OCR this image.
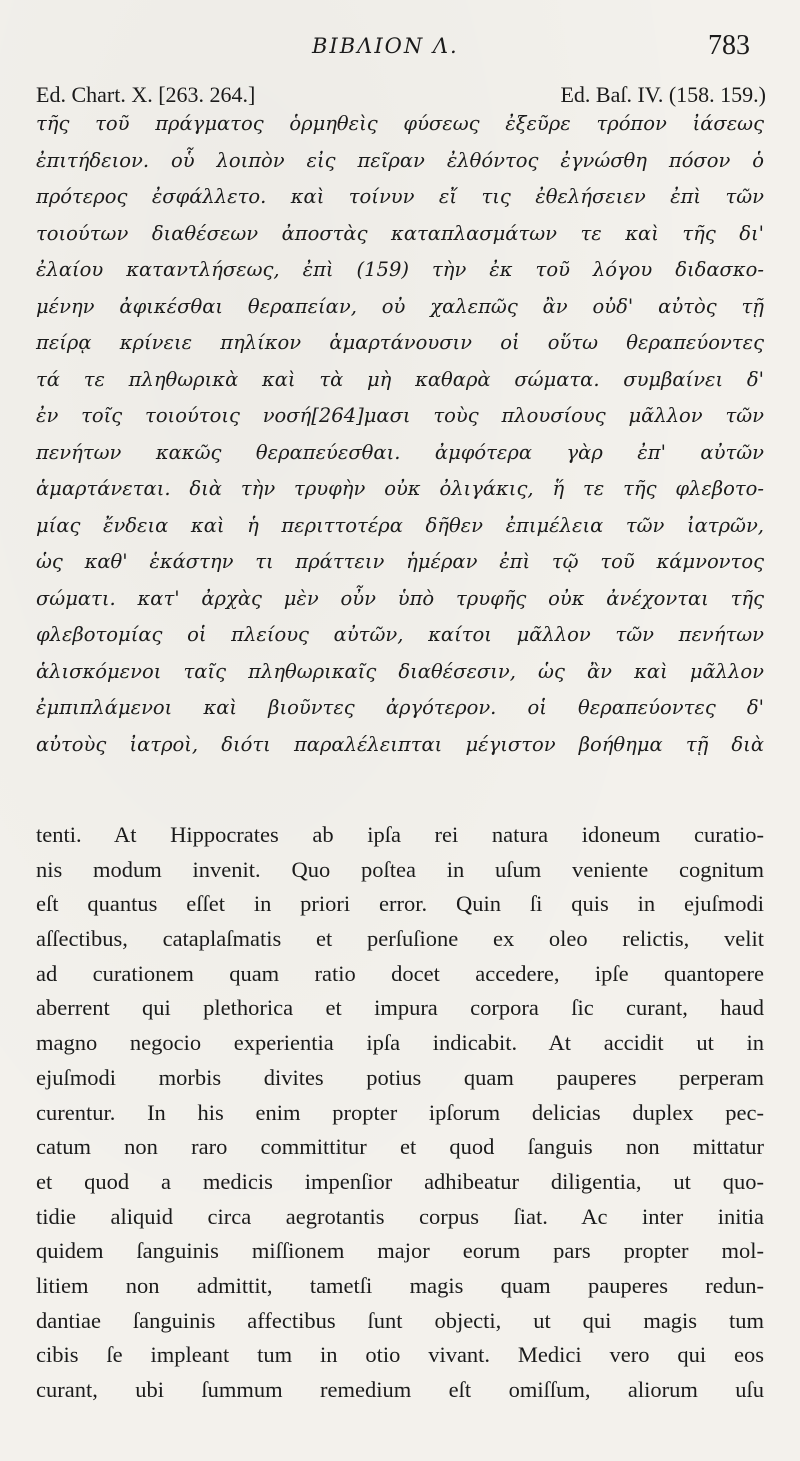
ΒΙΒΛΙΟΝ Λ.	783
Ed. Chart. X. [263. 264.]	Ed. Baſ. IV. (158. 159.)
τῆς τοῦ πράγματος ὁρμηθεὶς φύσεως ἐξεῦρε τρόπον ἰάσεως
ἐπιτήδειον. οὗ λοιπὸν εἰς πεῖραν ἐλθόντος ἐγνώσθη πόσον ὁ
πρότερος ἐσφάλλετο. καὶ τοίνυν εἴ τις ἐθελήσειεν ἐπὶ τῶν
τοιούτων διαθέσεων ἀποστὰς καταπλασμάτων τε καὶ τῆς δι'
ἐλαίου καταντλήσεως, ἐπὶ (159) τὴν ἐκ τοῦ λόγου διδασκο-
μένην ἀφικέσθαι θεραπείαν, οὐ χαλεπῶς ἂν οὐδ' αὐτὸς τῇ
πείρᾳ κρίνειε πηλίκον ἁμαρτάνουσιν οἱ οὕτω θεραπεύοντες
τά τε πληθωρικὰ καὶ τὰ μὴ καθαρὰ σώματα. συμβαίνει δ'
ἐν τοῖς τοιούτοις νοσή[264]μασι τοὺς πλουσίους μᾶλλον τῶν
πενήτων κακῶς θεραπεύεσθαι. ἀμφότερα γὰρ ἐπ' αὐτῶν
ἁμαρτάνεται. διὰ τὴν τρυφὴν οὐκ ὀλιγάκις, ἥ τε τῆς φλεβοτο-
μίας ἔνδεια καὶ ἡ περιττοτέρα δῆθεν ἐπιμέλεια τῶν ἰατρῶν,
ὡς καθ' ἑκάστην τι πράττειν ἡμέραν ἐπὶ τῷ τοῦ κάμνοντος
σώματι. κατ' ἀρχὰς μὲν οὖν ὑπὸ τρυφῆς οὐκ ἀνέχονται τῆς
φλεβοτομίας οἱ πλείους αὐτῶν, καίτοι μᾶλλον τῶν πενήτων
ἁλισκόμενοι ταῖς πληθωρικαῖς διαθέσεσιν, ὡς ἂν καὶ μᾶλλον
ἐμπιπλάμενοι καὶ βιοῦντες ἀργότερον. οἱ θεραπεύοντες δ'
αὐτοὺς ἰατροὶ, διότι παραλέλειπται μέγιστον βοήθημα τῇ διὰ
tenti. At Hippocrates ab ipſa rei natura idoneum curatio-
nis modum invenit. Quo poſtea in uſum veniente cognitum
eſt quantus eſſet in priori error. Quin ſi quis in ejuſmodi
aſſectibus, cataplaſmatis et perſuſione ex oleo relictis, velit
ad curationem quam ratio docet accedere, ipſe quantopere
aberrent qui plethorica et impura corpora ſic curant, haud
magno negocio experientia ipſa indicabit. At accidit ut in
ejuſmodi morbis divites potius quam pauperes perperam
curentur. In his enim propter ipſorum delicias duplex pec-
catum non raro committitur et quod ſanguis non mittatur
et quod a medicis impenſior adhibeatur diligentia, ut quo-
tidie aliquid circa aegrotantis corpus ſiat. Ac inter initia
quidem ſanguinis miſſionem major eorum pars propter mol-
litiem non admittit, tametſi magis quam pauperes redun-
dantiae ſanguinis affectibus ſunt objecti, ut qui magis tum
cibis ſe impleant tum in otio vivant. Medici vero qui eos
curant, ubi ſummum remedium eſt omiſſum, aliorum uſu
